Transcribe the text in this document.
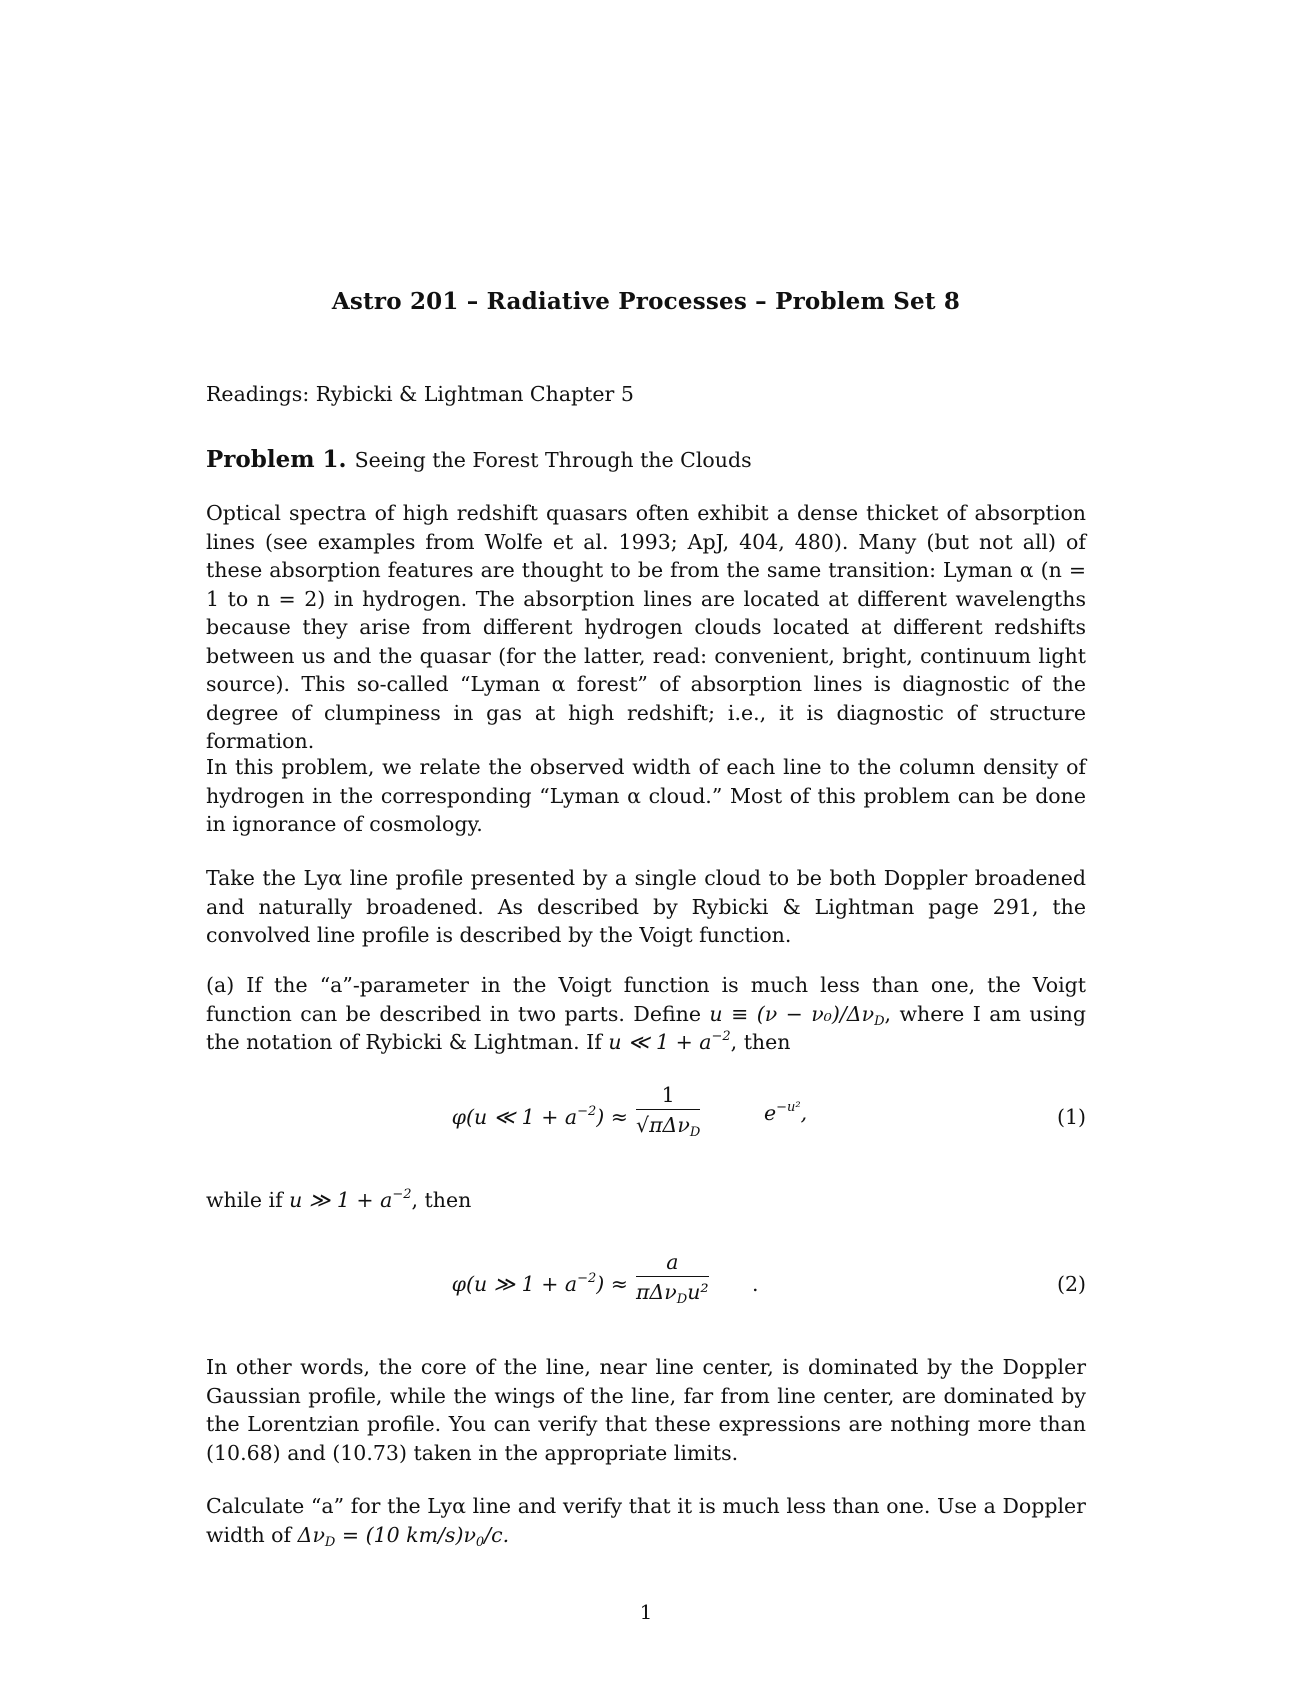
Astro 201 – Radiative Processes – Problem Set 8
Readings: Rybicki & Lightman Chapter 5
Problem 1. Seeing the Forest Through the Clouds
Optical spectra of high redshift quasars often exhibit a dense thicket of absorption lines (see examples from Wolfe et al. 1993; ApJ, 404, 480). Many (but not all) of these absorption features are thought to be from the same transition: Lyman α (n = 1 to n = 2) in hydrogen. The absorption lines are located at different wavelengths because they arise from different hydrogen clouds located at different redshifts between us and the quasar (for the latter, read: convenient, bright, continuum light source). This so-called “Lyman α forest” of absorption lines is diagnostic of the degree of clumpiness in gas at high redshift; i.e., it is diagnostic of structure formation.
In this problem, we relate the observed width of each line to the column density of hydrogen in the corresponding “Lyman α cloud.” Most of this problem can be done in ignorance of cosmology.
Take the Lyα line profile presented by a single cloud to be both Doppler broadened and naturally broadened. As described by Rybicki & Lightman page 291, the convolved line profile is described by the Voigt function.
(a) If the “a”-parameter in the Voigt function is much less than one, the Voigt function can be described in two parts. Define $u \equiv (\nu - \nu_0)/\Delta\nu_D$, where I am using the notation of Rybicki & Lightman. If u ≪ $1 + a^{-2}$, then
φ(u ≪ $1 + a^{-2}$) ≈
1
√πΔν$_D$
$e^{-u^2}$,	(1)
while if u ≫ $1 + a^{-2}$, then
φ(u ≫ $1 + a^{-2}$) ≈
a
πΔν$_D$u² .	(2)
In other words, the core of the line, near line center, is dominated by the Doppler Gaussian profile, while the wings of the line, far from line center, are dominated by the Lorentzian profile. You can verify that these expressions are nothing more than (10.68) and (10.73) taken in the appropriate limits.
Calculate “a” for the Lyα line and verify that it is much less than one. Use a Doppler width of $\Delta\nu_D = (10$ $km/s)\nu_0/c$.
1
